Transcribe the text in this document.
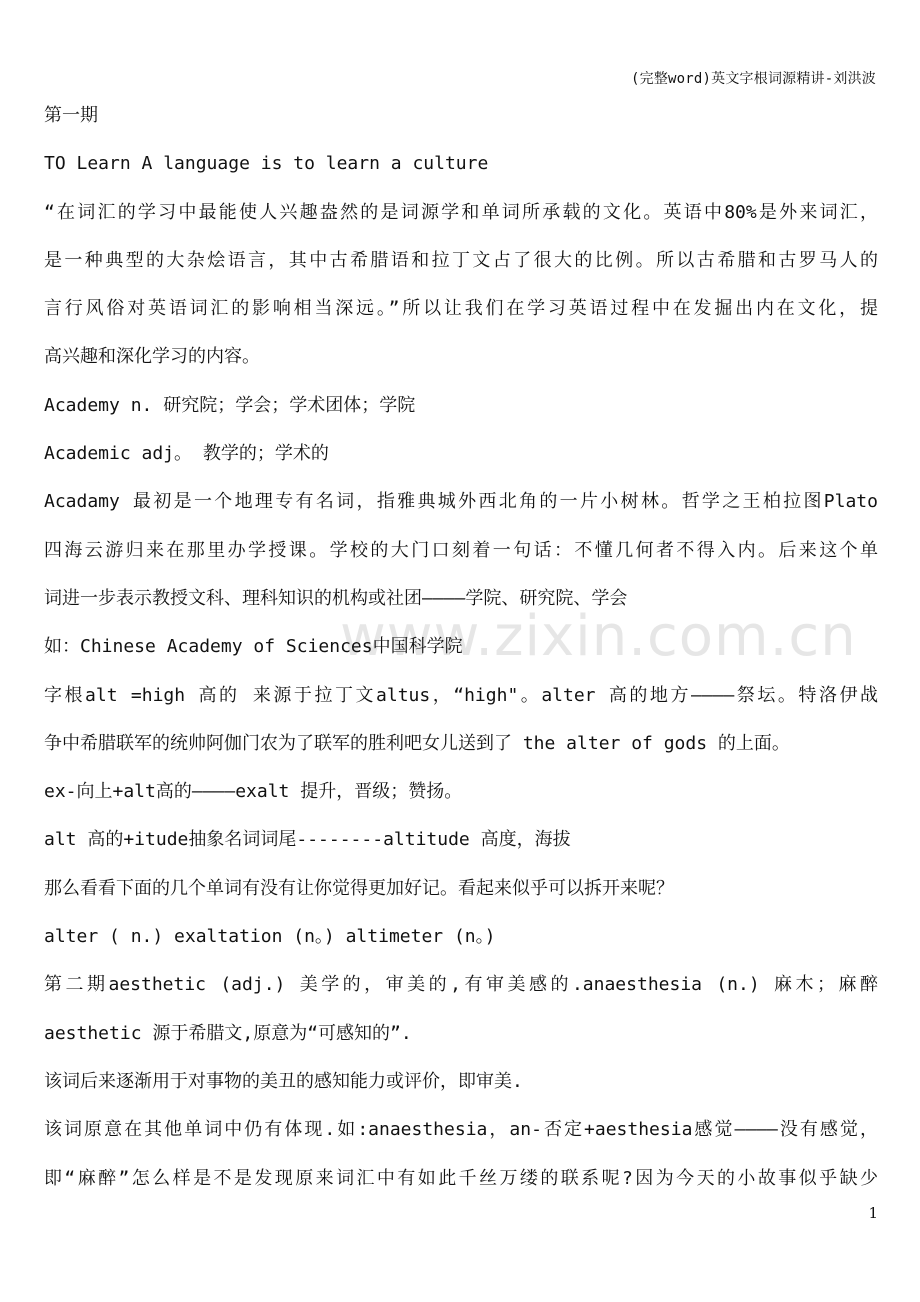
(完整word)英文字根词源精讲-刘洪波
www.zixin.com.cn

第一期

TO Learn A language is to learn a culture

“在词汇的学习中最能使人兴趣盎然的是词源学和单词所承载的文化。英语中80%是外来词汇，

是一种典型的大杂烩语言，其中古希腊语和拉丁文占了很大的比例。所以古希腊和古罗马人的

言行风俗对英语词汇的影响相当深远。”所以让我们在学习英语过程中在发掘出内在文化，提

高兴趣和深化学习的内容。

Academy n. 研究院；学会；学术团体；学院

Academic adj。 教学的；学术的

Acadamy 最初是一个地理专有名词，指雅典城外西北角的一片小树林。哲学之王柏拉图Plato

四海云游归来在那里办学授课。学校的大门口刻着一句话：不懂几何者不得入内。后来这个单

词进一步表示教授文科、理科知识的机构或社团————学院、研究院、学会

如：Chinese Academy of Sciences中国科学院

字根alt =high 高的 来源于拉丁文altus，“high"。alter 高的地方————祭坛。特洛伊战

争中希腊联军的统帅阿伽门农为了联军的胜利吧女儿送到了 the alter of gods 的上面。

ex-向上+alt高的————exalt 提升，晋级；赞扬。

alt 高的+itude抽象名词词尾--------altitude 高度，海拔

那么看看下面的几个单词有没有让你觉得更加好记。看起来似乎可以拆开来呢？

alter ( n.) exaltation (n。) altimeter (n。)

第二期aesthetic (adj.) 美学的，审美的,有审美感的.anaesthesia (n.) 麻木；麻醉

aesthetic 源于希腊文,原意为“可感知的”.

该词后来逐渐用于对事物的美丑的感知能力或评价，即审美.

该词原意在其他单词中仍有体现.如:anaesthesia，an-否定+aesthesia感觉————没有感觉，

即“麻醉”怎么样是不是发现原来词汇中有如此千丝万缕的联系呢?因为今天的小故事似乎缺少

1
